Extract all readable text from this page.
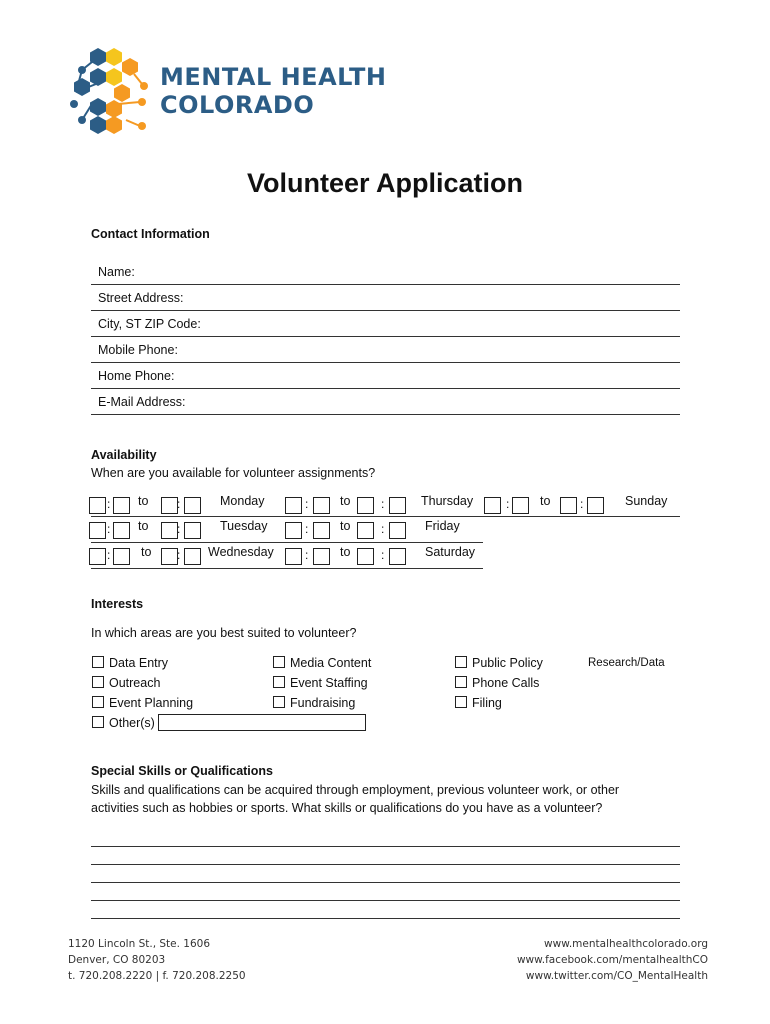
MENTAL HEALTH
COLORADO
Volunteer Application
Contact Information
Name:
Street Address:
City, ST ZIP Code:
Mobile Phone:
Home Phone:
E-Mail Address:
Availability
When are you available for volunteer assignments?
: to :	Monday	:	to	:	Thursday	: to :	Sunday
: to :	Tuesday	:	to	:	Friday
: to : Wednesday	:	to	:	Saturday
Interests
In which areas are you best suited to volunteer?
Data Entry
Outreach
Event Planning
Other(s)
Media Content
Event Staffing
Fundraising
Public Policy
Phone Calls
Filing
Research/Data
Special Skills or Qualifications
Skills and qualifications can be acquired through employment, previous volunteer work, or other
activities such as hobbies or sports. What skills or qualifications do you have as a volunteer?
1120 Lincoln St., Ste. 1606
Denver, CO 80203
t. 720.208.2220 | f. 720.208.2250
www.mentalhealthcolorado.org
www.facebook.com/mentalhealthCO
www.twitter.com/CO_MentalHealth
